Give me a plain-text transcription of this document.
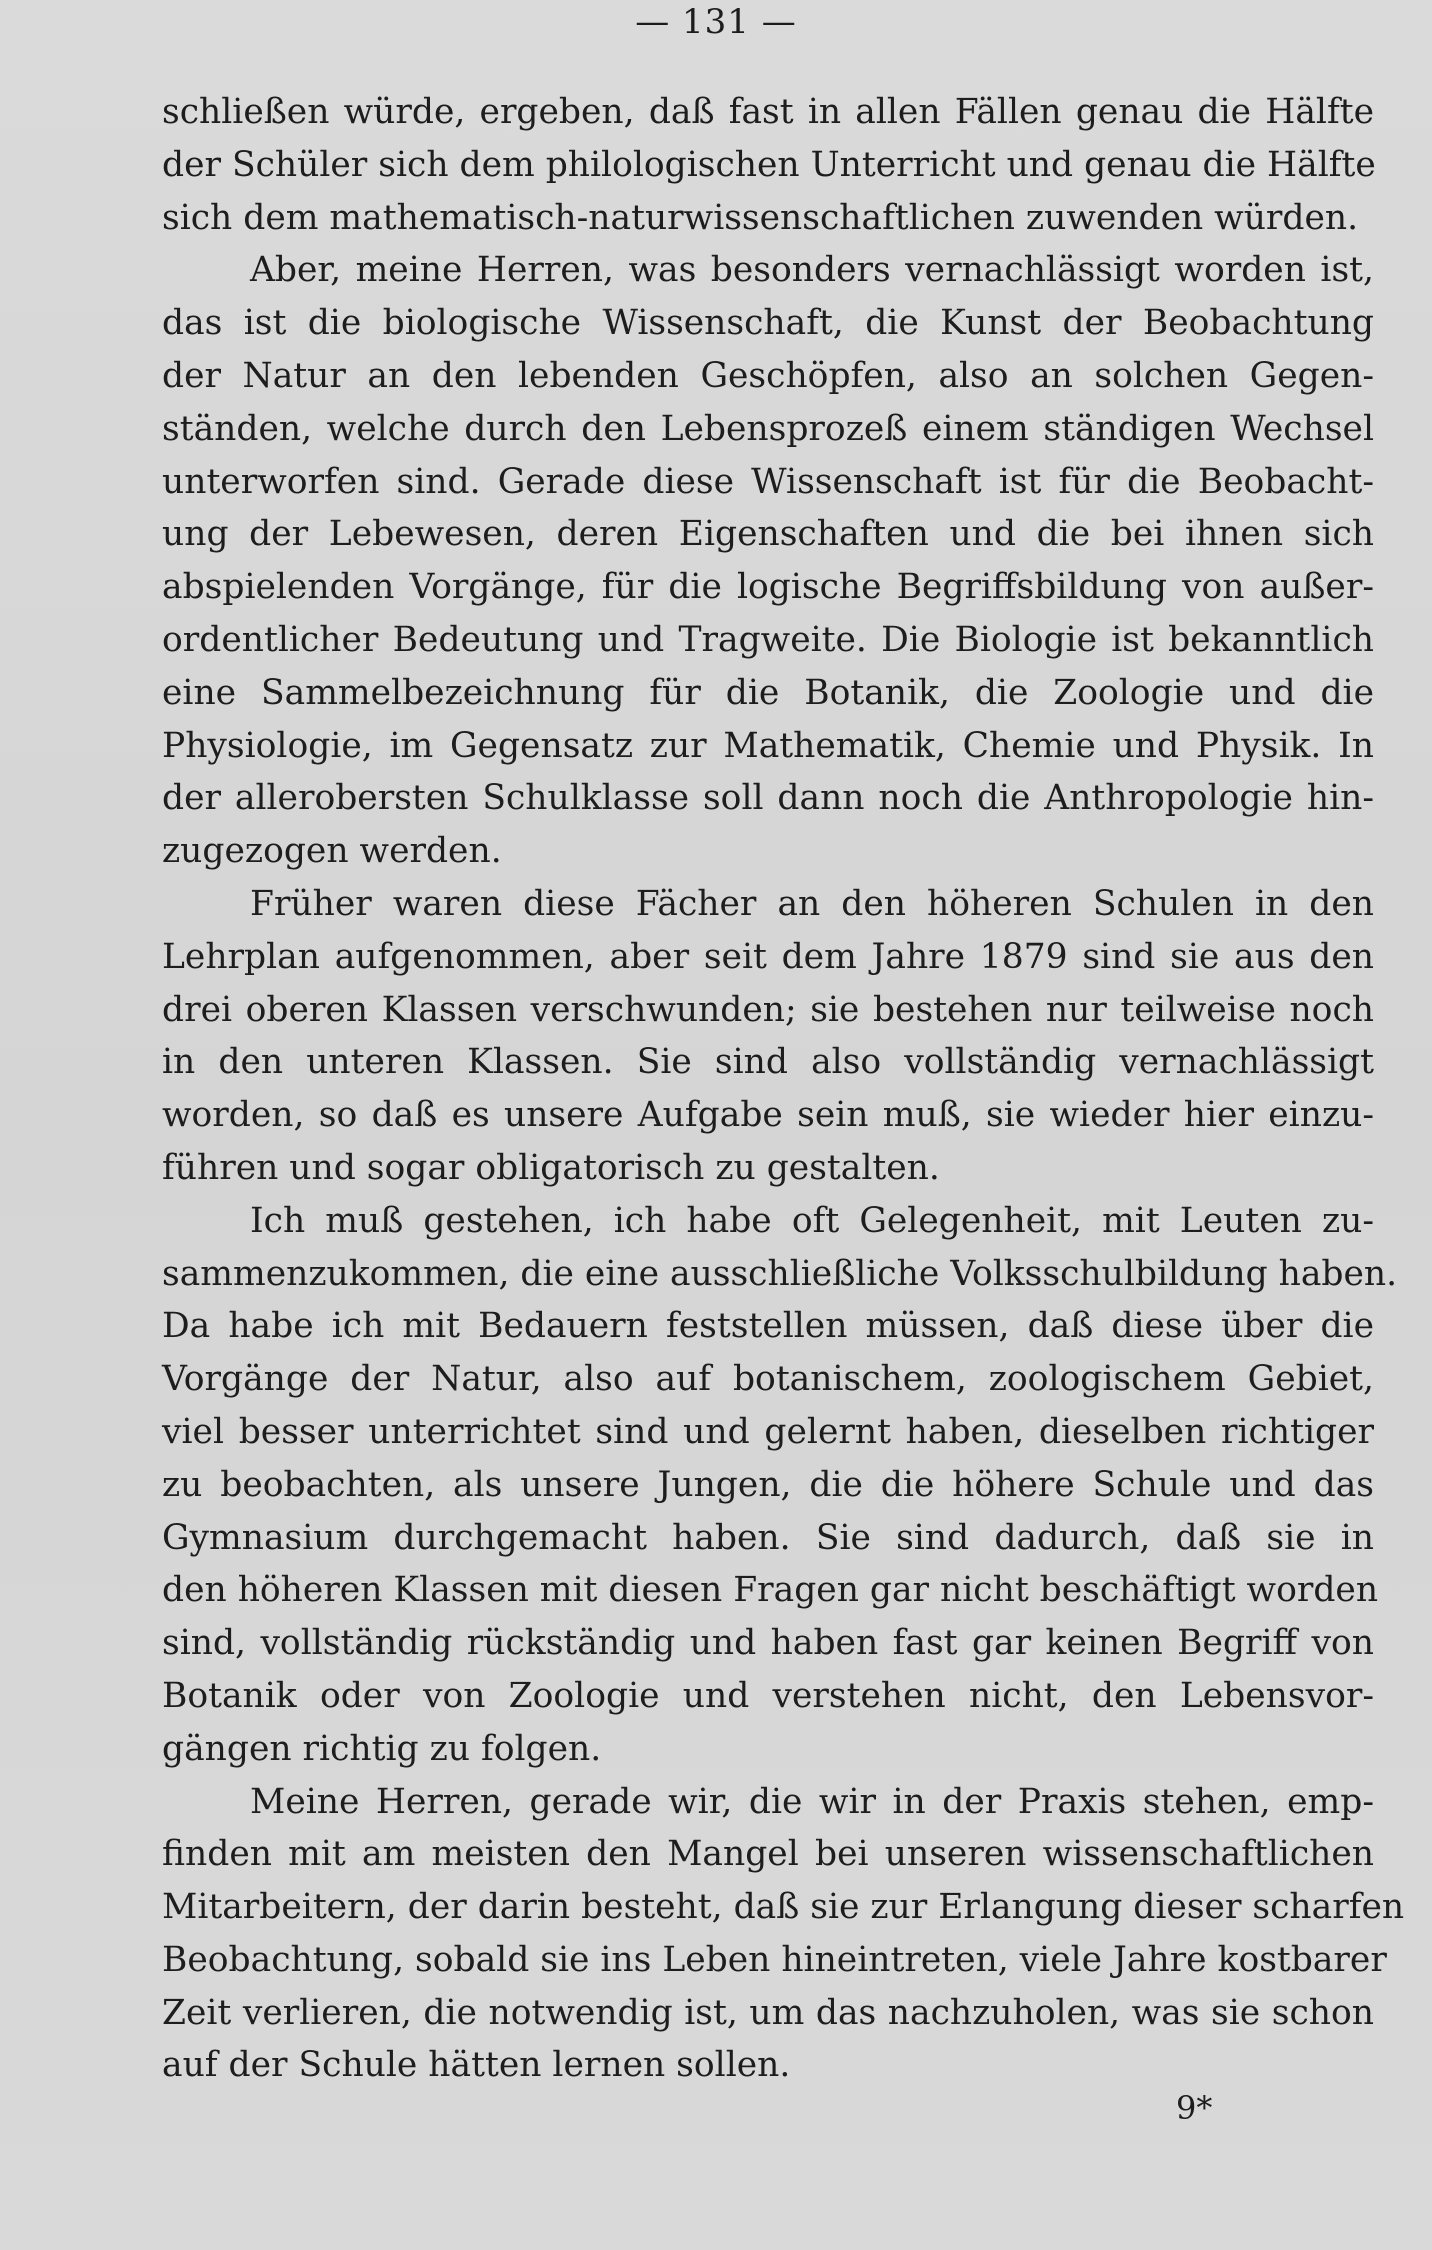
— 131 —
schließen würde, ergeben, daß fast in allen Fällen genau die Hälfte
der Schüler sich dem philologischen Unterricht und genau die Hälfte
sich dem mathematisch-naturwissenschaftlichen zuwenden würden.
Aber, meine Herren, was besonders vernachlässigt worden ist,
das ist die biologische Wissenschaft, die Kunst der Beobachtung
der Natur an den lebenden Geschöpfen, also an solchen Gegen-
ständen, welche durch den Lebensprozeß einem ständigen Wechsel
unterworfen sind. Gerade diese Wissenschaft ist für die Beobacht-
ung der Lebewesen, deren Eigenschaften und die bei ihnen sich
abspielenden Vorgänge, für die logische Begriffsbildung von außer-
ordentlicher Bedeutung und Tragweite. Die Biologie ist bekanntlich
eine Sammelbezeichnung für die Botanik, die Zoologie und die
Physiologie, im Gegensatz zur Mathematik, Chemie und Physik. In
der allerobersten Schulklasse soll dann noch die Anthropologie hin-
zugezogen werden.
Früher waren diese Fächer an den höheren Schulen in den
Lehrplan aufgenommen, aber seit dem Jahre 1879 sind sie aus den
drei oberen Klassen verschwunden; sie bestehen nur teilweise noch
in den unteren Klassen. Sie sind also vollständig vernachlässigt
worden, so daß es unsere Aufgabe sein muß, sie wieder hier einzu-
führen und sogar obligatorisch zu gestalten.
Ich muß gestehen, ich habe oft Gelegenheit, mit Leuten zu-
sammenzukommen, die eine ausschließliche Volksschulbildung haben.
Da habe ich mit Bedauern feststellen müssen, daß diese über die
Vorgänge der Natur, also auf botanischem, zoologischem Gebiet,
viel besser unterrichtet sind und gelernt haben, dieselben richtiger
zu beobachten, als unsere Jungen, die die höhere Schule und das
Gymnasium durchgemacht haben. Sie sind dadurch, daß sie in
den höheren Klassen mit diesen Fragen gar nicht beschäftigt worden
sind, vollständig rückständig und haben fast gar keinen Begriff von
Botanik oder von Zoologie und verstehen nicht, den Lebensvor-
gängen richtig zu folgen.
Meine Herren, gerade wir, die wir in der Praxis stehen, emp-
finden mit am meisten den Mangel bei unseren wissenschaftlichen
Mitarbeitern, der darin besteht, daß sie zur Erlangung dieser scharfen
Beobachtung, sobald sie ins Leben hineintreten, viele Jahre kostbarer
Zeit verlieren, die notwendig ist, um das nachzuholen, was sie schon
auf der Schule hätten lernen sollen.
9*
